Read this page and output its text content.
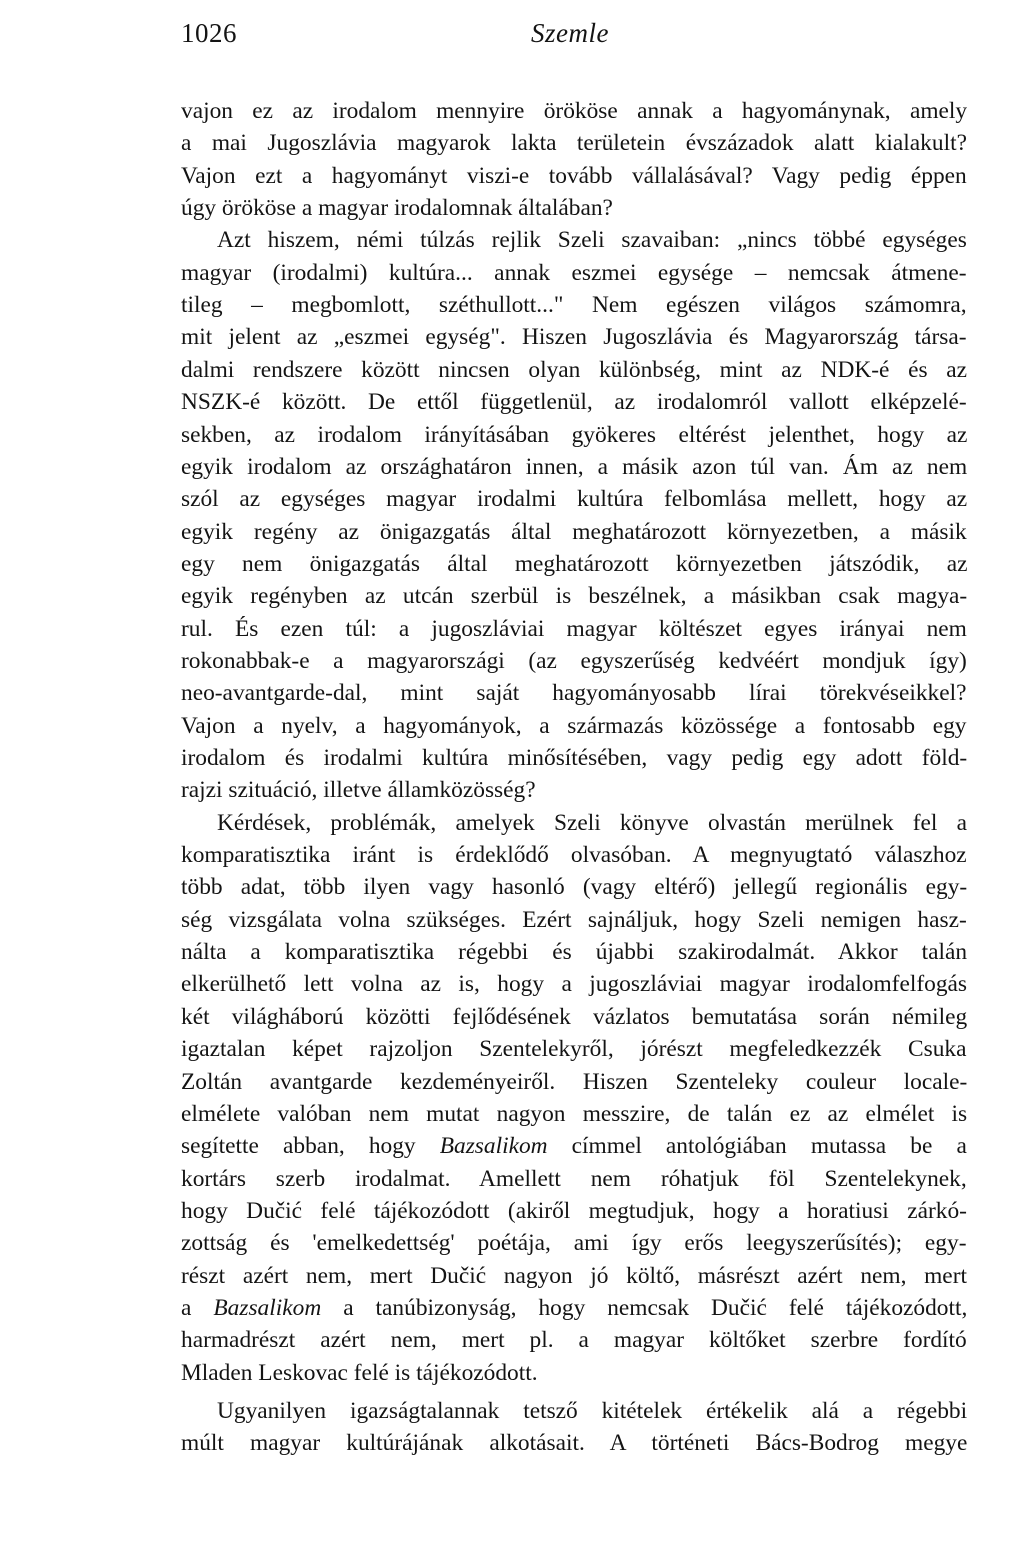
1026	Szemle
vajon ez az irodalom mennyire örököse annak a hagyománynak, amely
a mai Jugoszlávia magyarok lakta területein évszázadok alatt kialakult?
Vajon ezt a hagyományt viszi-e tovább vállalásával? Vagy pedig éppen
úgy örököse a magyar irodalomnak általában?
Azt hiszem, némi túlzás rejlik Szeli szavaiban: „nincs többé egységes
magyar (irodalmi) kultúra... annak eszmei egysége – nemcsak átmene-
tileg – megbomlott, széthullott..." Nem egészen világos számomra,
mit jelent az „eszmei egység". Hiszen Jugoszlávia és Magyarország társa-
dalmi rendszere között nincsen olyan különbség, mint az NDK-é és az
NSZK-é között. De ettől függetlenül, az irodalomról vallott elképzelé-
sekben, az irodalom irányításában gyökeres eltérést jelenthet, hogy az
egyik irodalom az országhatáron innen, a másik azon túl van. Ám az nem
szól az egységes magyar irodalmi kultúra felbomlása mellett, hogy az
egyik regény az önigazgatás által meghatározott környezetben, a másik
egy nem önigazgatás által meghatározott környezetben játszódik, az
egyik regényben az utcán szerbül is beszélnek, a másikban csak magya-
rul. És ezen túl: a jugoszláviai magyar költészet egyes irányai nem
rokonabbak-e a magyarországi (az egyszerűség kedvéért mondjuk így)
neo-avantgarde-dal, mint saját hagyományosabb lírai törekvéseikkel?
Vajon a nyelv, a hagyományok, a származás közössége a fontosabb egy
irodalom és irodalmi kultúra minősítésében, vagy pedig egy adott föld-
rajzi szituáció, illetve államközösség?
Kérdések, problémák, amelyek Szeli könyve olvastán merülnek fel a
komparatisztika iránt is érdeklődő olvasóban. A megnyugtató válaszhoz
több adat, több ilyen vagy hasonló (vagy eltérő) jellegű regionális egy-
ség vizsgálata volna szükséges. Ezért sajnáljuk, hogy Szeli nemigen hasz-
nálta a komparatisztika régebbi és újabbi szakirodalmát. Akkor talán
elkerülhető lett volna az is, hogy a jugoszláviai magyar irodalomfelfogás
két világháború közötti fejlődésének vázlatos bemutatása során némileg
igaztalan képet rajzoljon Szentelekyről, jórészt megfeledkezzék Csuka
Zoltán avantgarde kezdeményeiről. Hiszen Szenteleky couleur locale-
elmélete valóban nem mutat nagyon messzire, de talán ez az elmélet is
segítette abban, hogy Bazsalikom címmel antológiában mutassa be a
kortárs szerb irodalmat. Amellett nem róhatjuk föl Szentelekynek,
hogy Dučić felé tájékozódott (akiről megtudjuk, hogy a horatiusi zárkó-
zottság és 'emelkedettség' poétája, ami így erős leegyszerűsítés); egy-
részt azért nem, mert Dučić nagyon jó költő, másrészt azért nem, mert
a Bazsalikom a tanúbizonyság, hogy nemcsak Dučić felé tájékozódott,
harmadrészt azért nem, mert pl. a magyar költőket szerbre fordító
Mladen Leskovac felé is tájékozódott.
Ugyanilyen igazságtalannak tetsző kitételek értékelik alá a régebbi
múlt magyar kultúrájának alkotásait. A történeti Bács-Bodrog megye
